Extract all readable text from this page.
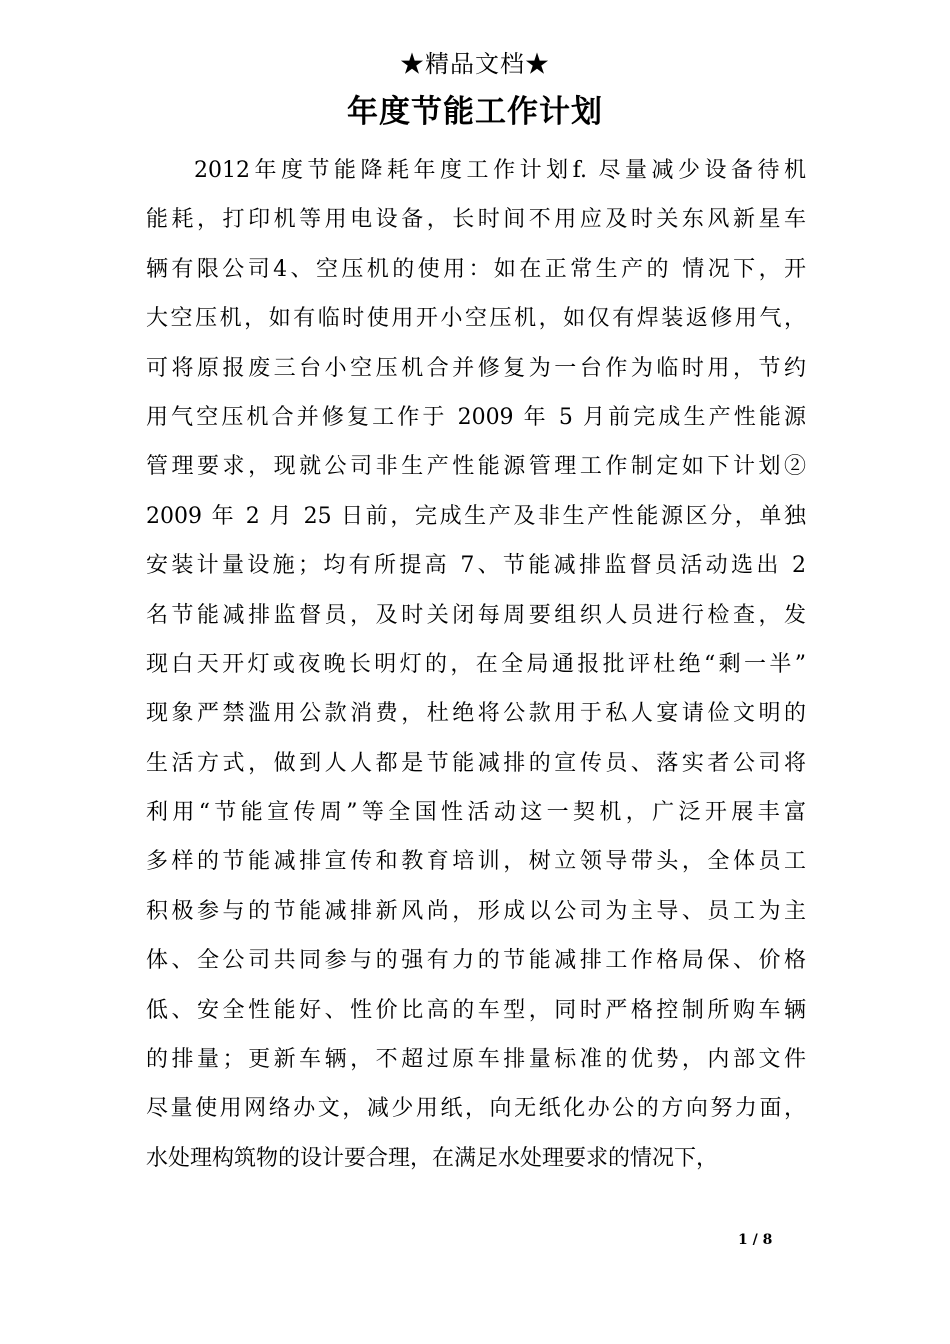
★精品文档★
年度节能工作计划
2012年度节能降耗年度工作计划f. 尽量减少设备待机
能耗，打印机等用电设备，长时间不用应及时关东风新星车
辆有限公司4、空压机的使用：如在正常生产的 情况下，开
大空压机，如有临时使用开小空压机，如仅有焊装返修用气，
可将原报废三台小空压机合并修复为一台作为临时用，节约
用气空压机合并修复工作于 2009 年 5 月前完成生产性能源
管理要求，现就公司非生产性能源管理工作制定如下计划②
2009 年 2 月 25 日前，完成生产及非生产性能源区分，单独
安装计量设施；均有所提高 7、节能减排监督员活动选出 2
名节能减排监督员，及时关闭每周要组织人员进行检查，发
现白天开灯或夜晚长明灯的，在全局通报批评杜绝“剩一半”
现象严禁滥用公款消费，杜绝将公款用于私人宴请俭文明的
生活方式，做到人人都是节能减排的宣传员、落实者公司将
利用“节能宣传周”等全国性活动这一契机，广泛开展丰富
多样的节能减排宣传和教育培训，树立领导带头，全体员工
积极参与的节能减排新风尚，形成以公司为主导、员工为主
体、全公司共同参与的强有力的节能减排工作格局保、价格
低、安全性能好、性价比高的车型，同时严格控制所购车辆
的排量；更新车辆，不超过原车排量标准的优势，内部文件
尽量使用网络办文，减少用纸，向无纸化办公的方向努力面，
水处理构筑物的设计要合理，在满足水处理要求的情况下，
1 / 8
